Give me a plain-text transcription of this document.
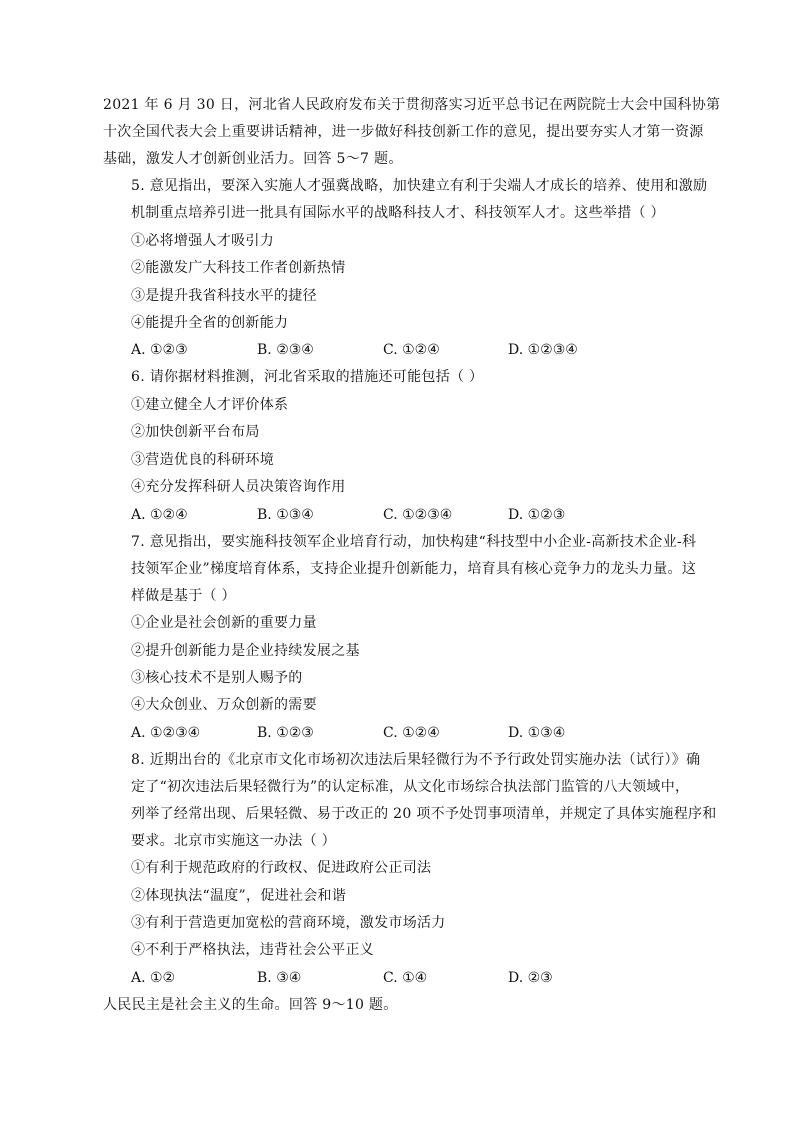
2021 年 6 月 30 日，河北省人民政府发布关于贯彻落实习近平总书记在两院院士大会中国科协第
十次全国代表大会上重要讲话精神，进一步做好科技创新工作的意见，提出要夯实人才第一资源
基础，激发人才创新创业活力。回答 5～7 题。
5. 意见指出，要深入实施人才强冀战略，加快建立有利于尖端人才成长的培养、使用和激励
机制重点培养引进一批具有国际水平的战略科技人才、科技领军人才。这些举措（ ）
①必将增强人才吸引力
②能激发广大科技工作者创新热情
③是提升我省科技水平的捷径
④能提升全省的创新能力
A. ①②③	B. ②③④	C. ①②④	D. ①②③④
6. 请你据材料推测，河北省采取的措施还可能包括（ ）
①建立健全人才评价体系
②加快创新平台布局
③营造优良的科研环境
④充分发挥科研人员决策咨询作用
A. ①②④	B. ①③④	C. ①②③④	D. ①②③
7. 意见指出，要实施科技领军企业培育行动，加快构建“科技型中小企业-高新技术企业-科
技领军企业”梯度培育体系，支持企业提升创新能力，培育具有核心竞争力的龙头力量。这
样做是基于（ ）
①企业是社会创新的重要力量
②提升创新能力是企业持续发展之基
③核心技术不是别人赐予的
④大众创业、万众创新的需要
A. ①②③④	B. ①②③	C. ①②④	D. ①③④
8. 近期出台的《北京市文化市场初次违法后果轻微行为不予行政处罚实施办法（试行）》确
定了“初次违法后果轻微行为”的认定标准，从文化市场综合执法部门监管的八大领域中，
列举了经常出现、后果轻微、易于改正的 20 项不予处罚事项清单，并规定了具体实施程序和
要求。北京市实施这一办法（ ）
①有利于规范政府的行政权、促进政府公正司法
②体现执法“温度”，促进社会和谐
③有利于营造更加宽松的营商环境，激发市场活力
④不利于严格执法，违背社会公平正义
A. ①②	B. ③④	C. ①④	D. ②③
人民民主是社会主义的生命。回答 9～10 题。
